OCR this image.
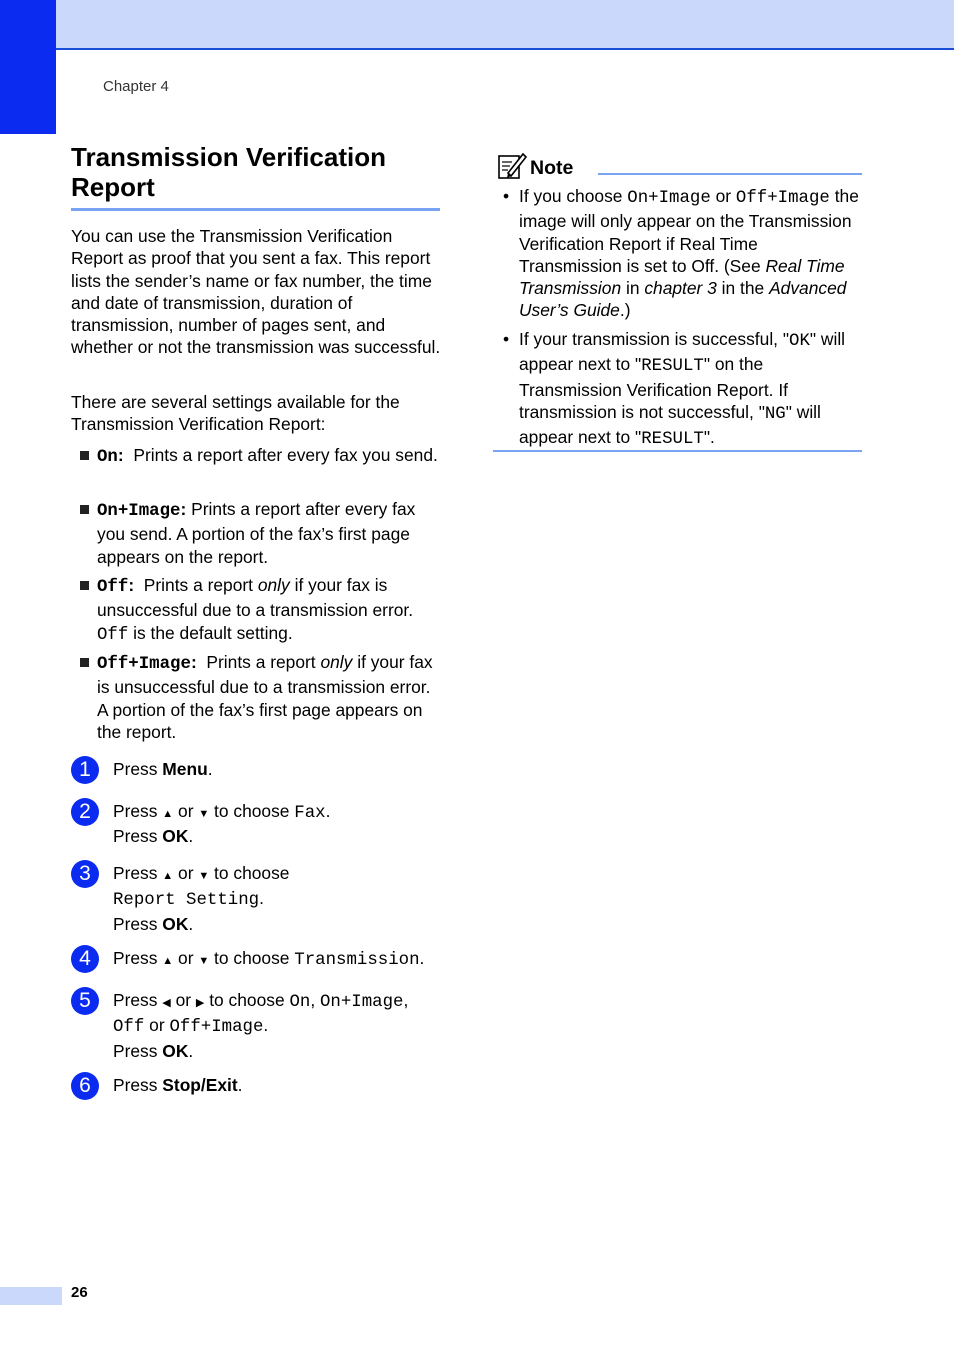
Chapter 4
Transmission Verification Report

You can use the Transmission Verification Report as proof that you sent a fax. This report lists the sender’s name or fax number, the time and date of transmission, duration of transmission, number of pages sent, and whether or not the transmission was successful.

There are several settings available for the Transmission Verification Report:

On: Prints a report after every fax you send.
On+Image: Prints a report after every fax you send. A portion of the fax’s first page appears on the report.
Off: Prints a report only if your fax is unsuccessful due to a transmission error. Off is the default setting.
Off+Image: Prints a report only if your fax is unsuccessful due to a transmission error. A portion of the fax’s first page appears on the report.
1	Press Menu.
2	Press ▲ or ▼ to choose Fax.
Press OK.
3	Press ▲ or ▼ to choose
Report Setting.
Press OK.
4	Press ▲ or ▼ to choose Transmission.
5	Press ◀ or ▶ to choose On, On+Image,
Off or Off+Image.
Press OK.
6	Press Stop/Exit.
Note
• If you choose On+Image or Off+Image the image will only appear on the Transmission Verification Report if Real Time Transmission is set to Off. (See Real Time Transmission in chapter 3 in the Advanced User’s Guide.)
• If your transmission is successful, "OK" will appear next to "RESULT" on the Transmission Verification Report. If transmission is not successful, "NG" will appear next to "RESULT".
26
